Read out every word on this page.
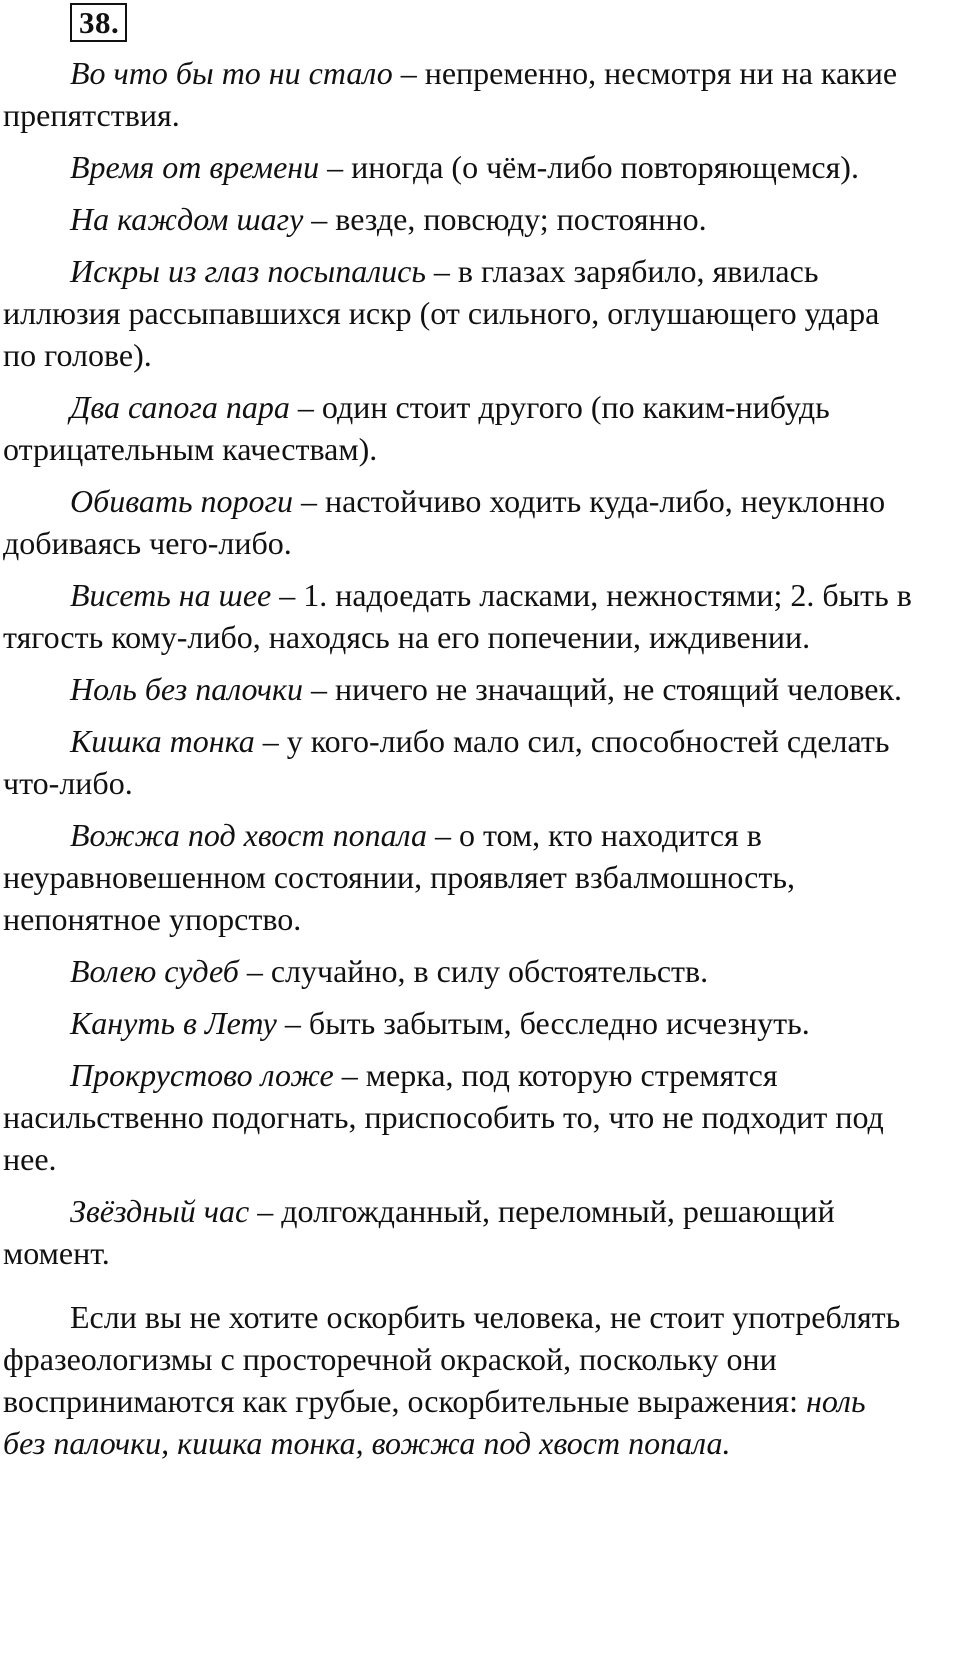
38.

Во что бы то ни стало – непременно, несмотря ни на какие препятствия.

Время от времени – иногда (о чём-либо повторяющемся).

На каждом шагу – везде, повсюду; постоянно.

Искры из глаз посыпались – в глазах зарябило, явилась иллюзия рассыпавшихся искр (от сильного, оглушающего удара по голове).

Два сапога пара – один стоит другого (по каким-нибудь отрицательным качествам).

Обивать пороги – настойчиво ходить куда-либо, неуклонно добиваясь чего-либо.

Висеть на шее – 1. надоедать ласками, нежностями; 2. быть в тягость кому-либо, находясь на его попечении, иждивении.

Ноль без палочки – ничего не значащий, не стоящий человек.

Кишка тонка – у кого-либо мало сил, способностей сделать что-либо.

Вожжа под хвост попала – о том, кто находится в неуравновешенном состоянии, проявляет взбалмошность, непонятное упорство.

Волею судеб – случайно, в силу обстоятельств.

Кануть в Лету – быть забытым, бесследно исчезнуть.

Прокрустово ложе – мерка, под которую стремятся насильственно подогнать, приспособить то, что не подходит под нее.

Звёздный час – долгожданный, переломный, решающий момент.

Если вы не хотите оскорбить человека, не стоит употреблять фразеологизмы с просторечной окраской, поскольку они воспринимаются как грубые, оскорбительные выражения: ноль без палочки, кишка тонка, вожжа под хвост попала.
